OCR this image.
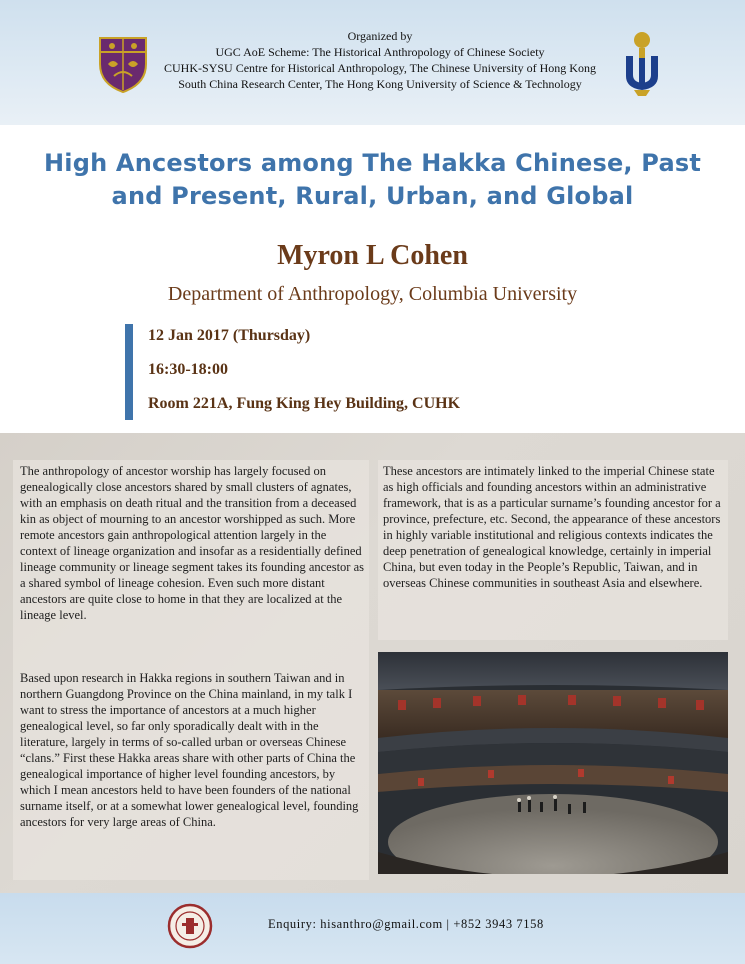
Organized by
UGC AoE Scheme: The Historical Anthropology of Chinese Society
CUHK-SYSU Centre for Historical Anthropology, The Chinese University of Hong Kong
South China Research Center, The Hong Kong University of Science & Technology
High Ancestors among The Hakka Chinese, Past
and Present, Rural, Urban, and Global
Myron L Cohen
Department of Anthropology, Columbia University
12 Jan 2017 (Thursday)
16:30-18:00
Room 221A, Fung King Hey Building, CUHK
The anthropology of ancestor worship has largely focused on genealogically close ancestors shared by small clusters of agnates, with an emphasis on death ritual and the transition from a deceased kin as object of mourning to an ancestor worshipped as such. More remote ancestors gain anthropological attention largely in the context of lineage organization and insofar as a residentially defined lineage community or lineage segment takes its founding ancestor as a shared symbol of lineage cohesion. Even such more distant ancestors are quite close to home in that they are localized at the lineage level.
Based upon research in Hakka regions in southern Taiwan and in northern Guangdong Province on the China mainland, in my talk I want to stress the importance of ancestors at a much higher genealogical level, so far only sporadically dealt with in the literature, largely in terms of so-called urban or overseas Chinese “clans.” First these Hakka areas share with other parts of China the genealogical importance of higher level founding ancestors, by which I mean ancestors held to have been founders of the national surname itself, or at a somewhat lower genealogical level, founding ancestors for very large areas of China.
These ancestors are intimately linked to the imperial Chinese state as high officials and founding ancestors within an administrative framework, that is as a particular surname’s founding ancestor for a province, prefecture, etc. Second, the appearance of these ancestors in highly variable institutional and religious contexts indicates the deep penetration of genealogical knowledge, certainly in imperial China, but even today in the People’s Republic, Taiwan, and in overseas Chinese communities in southeast Asia and elsewhere.
Enquiry: hisanthro@gmail.com | +852 3943 7158
